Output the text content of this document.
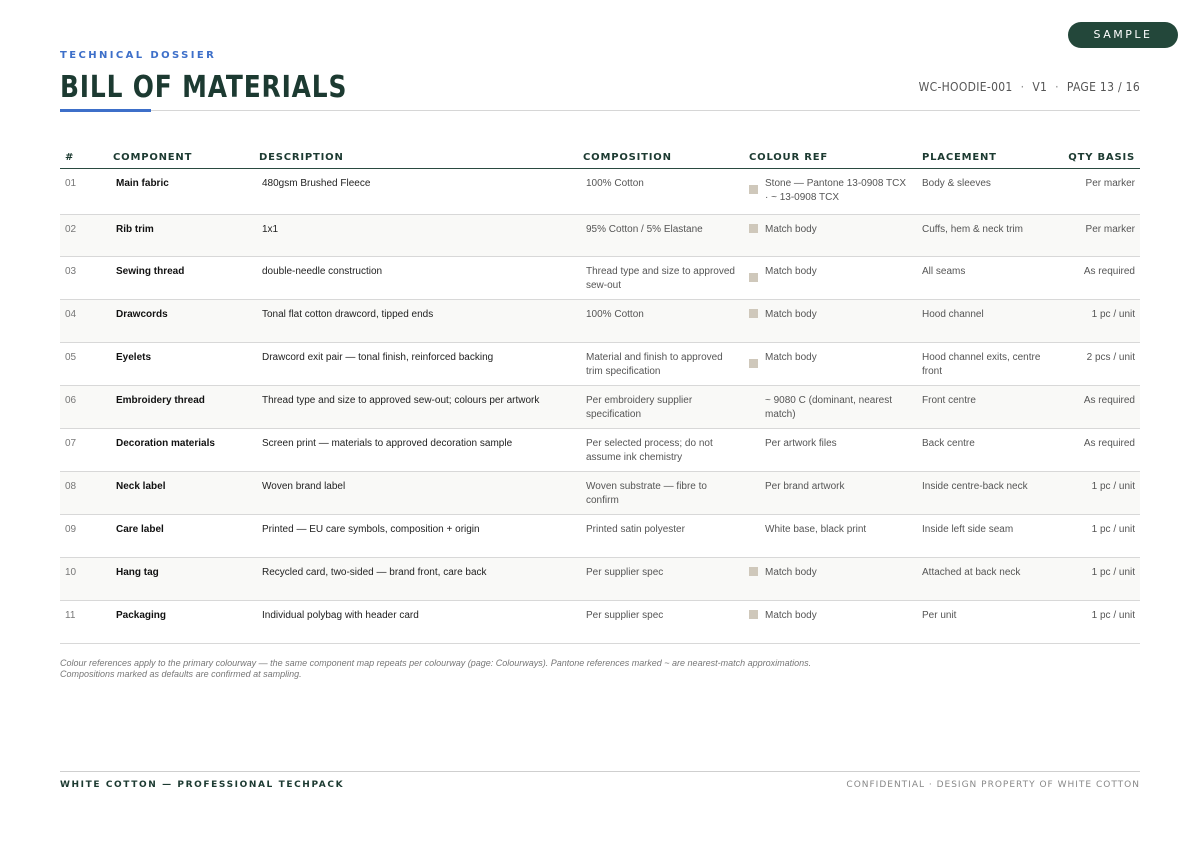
SAMPLE
TECHNICAL DOSSIER
BILL OF MATERIALS	WC-HOODIE-001 · V1 · PAGE 13 / 16
#	COMPONENT	DESCRIPTION	COMPOSITION	COLOUR REF	PLACEMENT	QTY BASIS

01	Main fabric	480gsm Brushed Fleece	100% Cotton	Stone — Pantone 13-0908 TCX · ~ 13-0908 TCX	Body & sleeves	Per marker

02	Rib trim	1x1	95% Cotton / 5% Elastane	Match body	Cuffs, hem & neck trim	Per marker

03	Sewing thread	double-needle construction	Thread type and size to approved sew-out	Match body	All seams	As required

04	Drawcords	Tonal flat cotton drawcord, tipped ends	100% Cotton	Match body	Hood channel	1 pc / unit

05	Eyelets	Drawcord exit pair — tonal finish, reinforced backing	Material and finish to approved trim specification	Match body	Hood channel exits, centre front	2 pcs / unit

06	Embroidery thread	Thread type and size to approved sew-out; colours per artwork	Per embroidery supplier specification	~ 9080 C (dominant, nearest match)	Front centre	As required

07	Decoration materials	Screen print — materials to approved decoration sample	Per selected process; do not assume ink chemistry	Per artwork files	Back centre	As required

08	Neck label	Woven brand label	Woven substrate — fibre to confirm	Per brand artwork	Inside centre-back neck	1 pc / unit

09	Care label	Printed — EU care symbols, composition + origin	Printed satin polyester	White base, black print	Inside left side seam	1 pc / unit

10	Hang tag	Recycled card, two-sided — brand front, care back	Per supplier spec	Match body	Attached at back neck	1 pc / unit

11	Packaging	Individual polybag with header card	Per supplier spec	Match body	Per unit	1 pc / unit
Colour references apply to the primary colourway — the same component map repeats per colourway (page: Colourways). Pantone references marked ~ are nearest-match approximations.
Compositions marked as defaults are confirmed at sampling.
WHITE COTTON — PROFESSIONAL TECHPACK	CONFIDENTIAL · DESIGN PROPERTY OF WHITE COTTON
